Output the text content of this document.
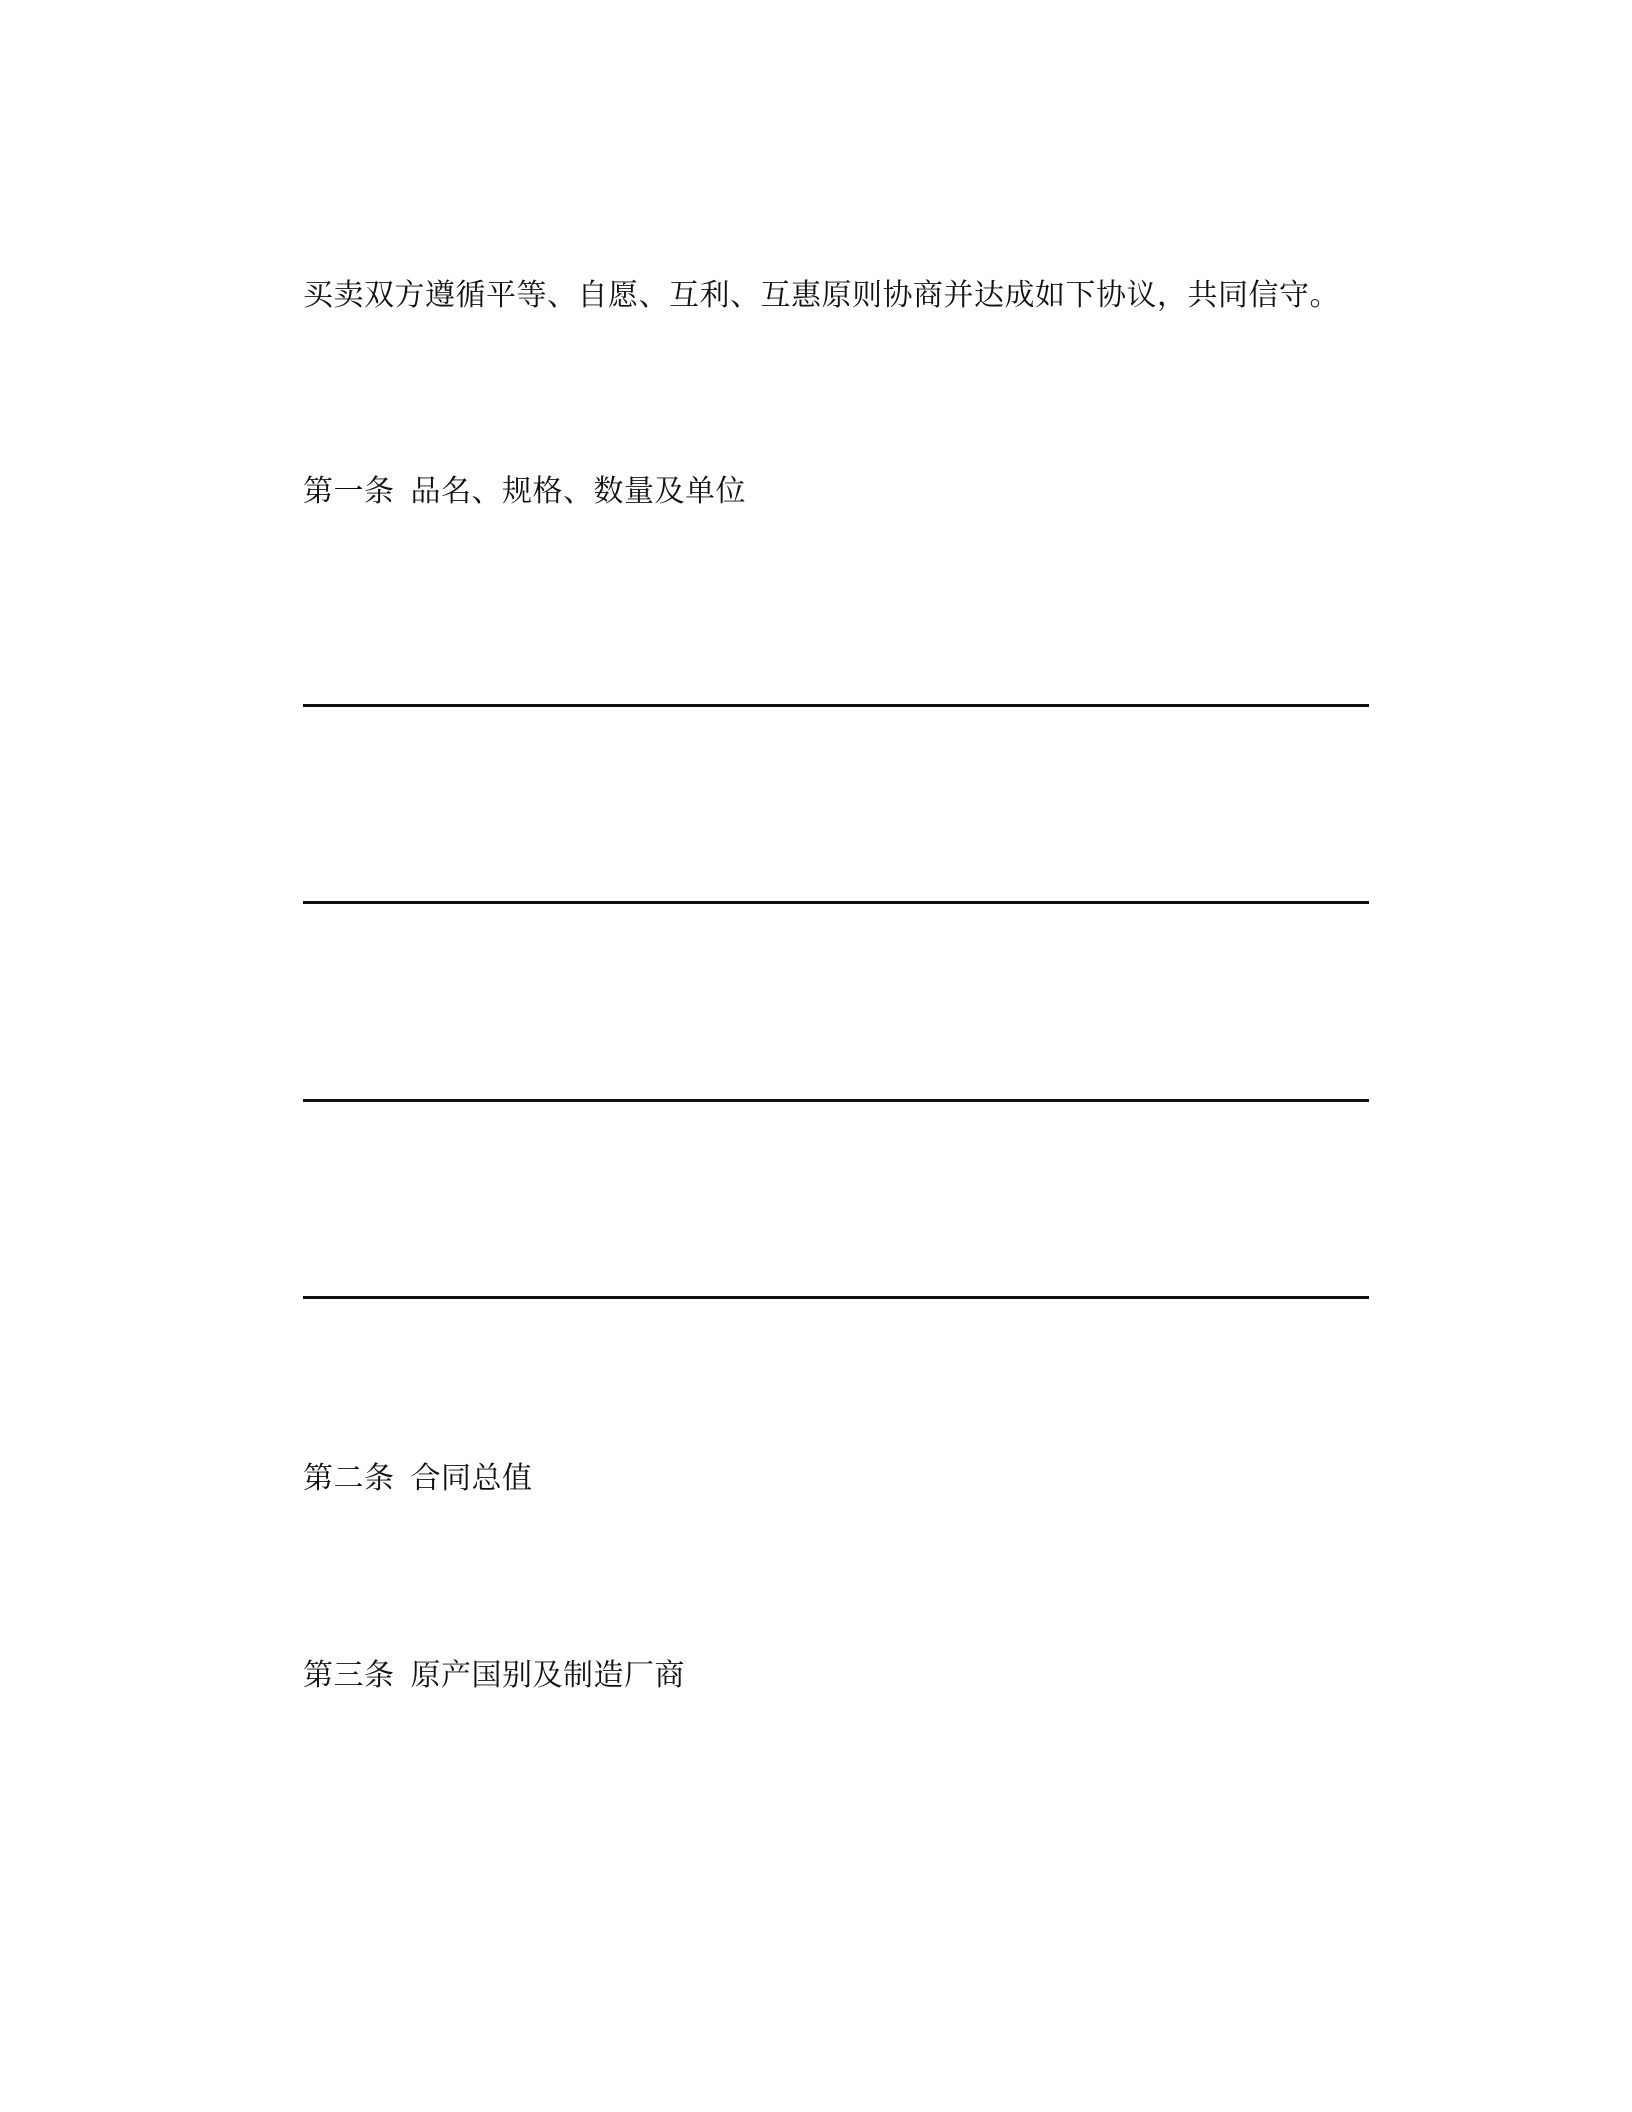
买卖双方遵循平等、自愿、互利、互惠原则协商并达成如下协议，共同信守。
第一条 品名、规格、数量及单位
第二条 合同总值
第三条 原产国别及制造厂商
